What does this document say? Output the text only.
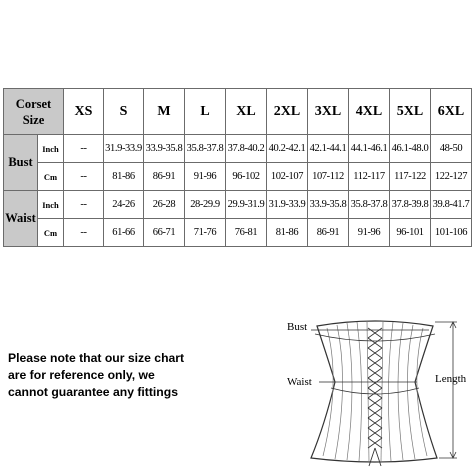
Corset
Size		XS	S	M	L	XL	2XL	3XL	4XL	5XL	6XL
Bust	Inch	--	31.9-33.9	33.9-35.8	35.8-37.8	37.8-40.2	40.2-42.1	42.1-44.1	44.1-46.1	46.1-48.0	48-50
	Cm	--	81-86	86-91	91-96	96-102	102-107	107-112	112-117	117-122	122-127
Waist	Inch	--	24-26	26-28	28-29.9	29.9-31.9	31.9-33.9	33.9-35.8	35.8-37.8	37.8-39.8	39.8-41.7
	Cm	--	61-66	66-71	71-76	76-81	81-86	86-91	91-96	96-101	101-106
Please note that our size chart
are for reference only, we
cannot guarantee any fittings
Bust
Waist	Length
